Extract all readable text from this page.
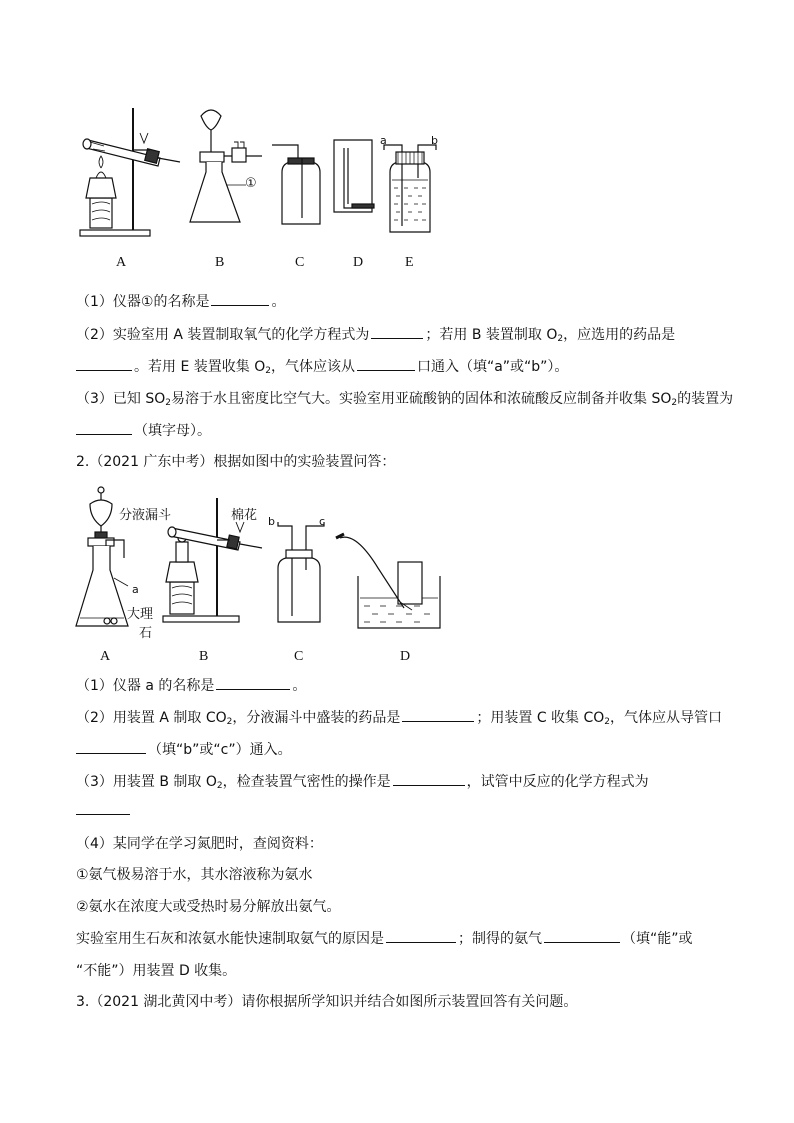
①
a	b
A	B	C	D	E
（1）仪器①的名称是	。
（2）实验室用 A 装置制取氧气的化学方程式为	；若用 B 装置制取 $O_2$，应选用的药品是
。若用 E 装置收集 $O_2$，气体应该从	口通入（填“a”或“b”）。
（3）已知 $SO_2$易溶于水且密度比空气大。实验室用亚硫酸钠的固体和浓硫酸反应制备并收集 $SO_2$的装置为
（填字母）。
2.（2021 广东中考）根据如图中的实验装置问答：
分液漏斗	棉花
a
大理
石
b	c
A	B	C	D
（1）仪器 a 的名称是	。
（2）用装置 A 制取 $CO_2$，分液漏斗中盛装的药品是	；用装置 C 收集 $CO_2$，气体应从导管口
（填“b”或“c”）通入。
（3）用装置 B 制取 $O_2$，检查装置气密性的操作是	，试管中反应的化学方程式为
（4）某同学在学习氮肥时，查阅资料：
①氨气极易溶于水，其水溶液称为氨水
②氨水在浓度大或受热时易分解放出氨气。
实验室用生石灰和浓氨水能快速制取氨气的原因是	；制得的氨气	（填“能”或
“不能”）用装置 D 收集。
3.（2021 湖北黄冈中考）请你根据所学知识并结合如图所示装置回答有关问题。
